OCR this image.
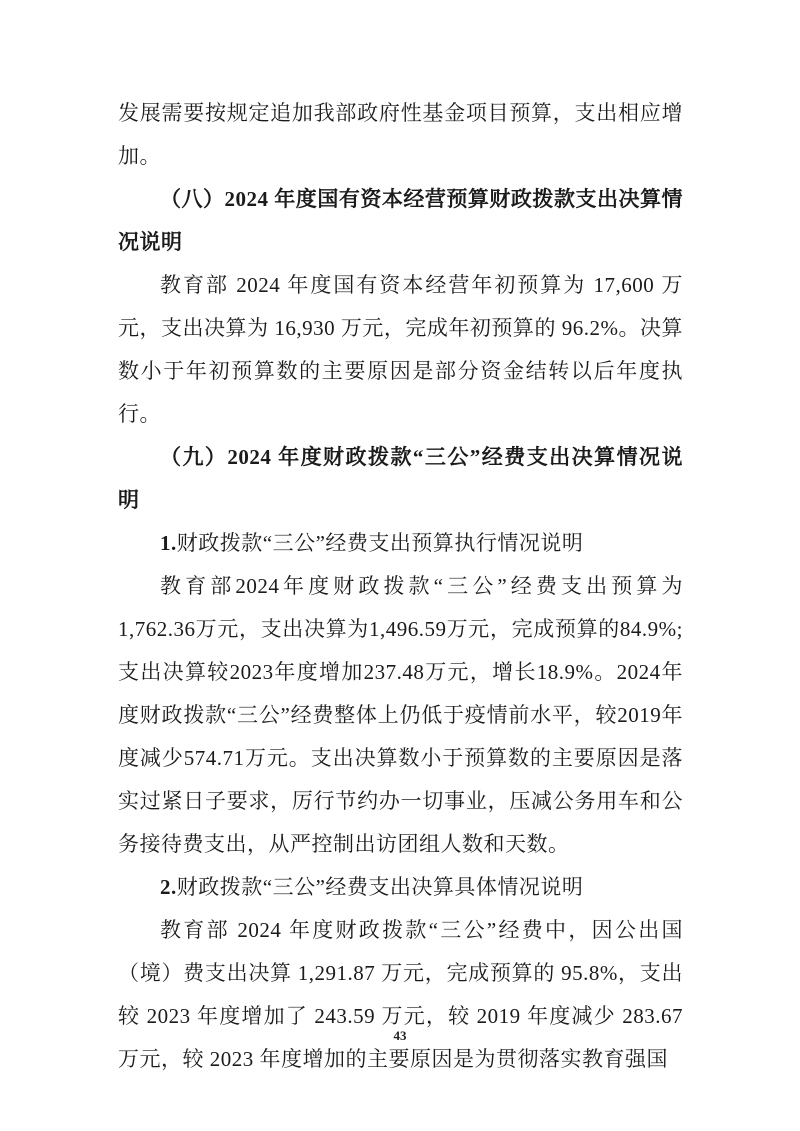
发展需要按规定追加我部政府性基金项目预算，支出相应增加。

（八）2024 年度国有资本经营预算财政拨款支出决算情况说明

教育部 2024 年度国有资本经营年初预算为 17,600 万元，支出决算为 16,930 万元，完成年初预算的 96.2%。决算数小于年初预算数的主要原因是部分资金结转以后年度执行。

（九）2024 年度财政拨款“三公”经费支出决算情况说明

1.财政拨款“三公”经费支出预算执行情况说明

教育部2024年度财政拨款“三公”经费支出预算为1,762.36万元，支出决算为1,496.59万元，完成预算的84.9%;支出决算较2023年度增加237.48万元，增长18.9%。2024年度财政拨款“三公”经费整体上仍低于疫情前水平，较2019年度减少574.71万元。支出决算数小于预算数的主要原因是落实过紧日子要求，厉行节约办一切事业，压减公务用车和公务接待费支出，从严控制出访团组人数和天数。

2.财政拨款“三公”经费支出决算具体情况说明

教育部 2024 年度财政拨款“三公”经费中，因公出国（境）费支出决算 1,291.87 万元，完成预算的 95.8%，支出较 2023 年度增加了 243.59 万元，较 2019 年度减少 283.67 万元，较 2023 年度增加的主要原因是为贯彻落实教育强国

43
